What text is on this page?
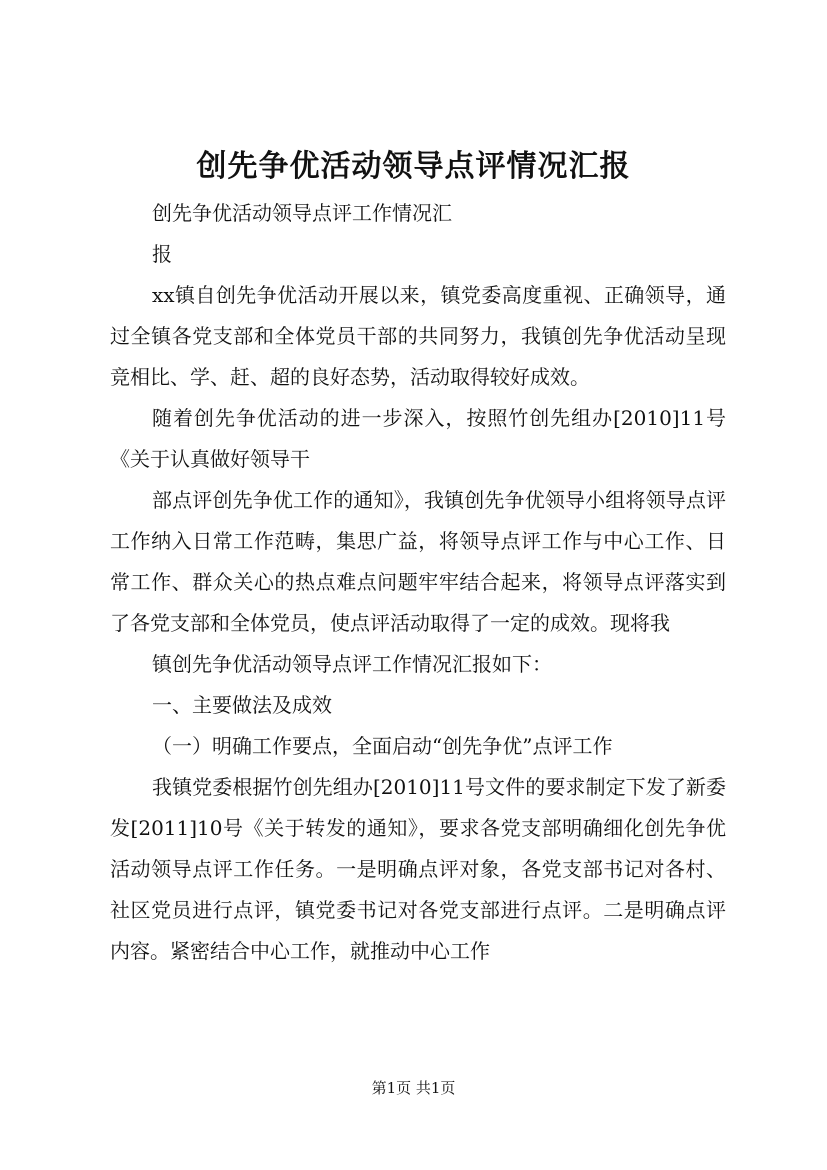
创先争优活动领导点评情况汇报

创先争优活动领导点评工作情况汇

报

xx镇自创先争优活动开展以来，镇党委高度重视、正确领导，通过全镇各党支部和全体党员干部的共同努力，我镇创先争优活动呈现竞相比、学、赶、超的良好态势，活动取得较好成效。

随着创先争优活动的进一步深入，按照竹创先组办[2010]11号《关于认真做好领导干

部点评创先争优工作的通知》，我镇创先争优领导小组将领导点评工作纳入日常工作范畴，集思广益，将领导点评工作与中心工作、日常工作、群众关心的热点难点问题牢牢结合起来，将领导点评落实到了各党支部和全体党员，使点评活动取得了一定的成效。现将我

镇创先争优活动领导点评工作情况汇报如下：

一、主要做法及成效

（一）明确工作要点，全面启动“创先争优”点评工作

我镇党委根据竹创先组办[2010]11号文件的要求制定下发了新委发[2011]10号《关于转发的通知》，要求各党支部明确细化创先争优活动领导点评工作任务。一是明确点评对象，各党支部书记对各村、社区党员进行点评，镇党委书记对各党支部进行点评。二是明确点评内容。紧密结合中心工作，就推动中心工作

第1页 共1页
